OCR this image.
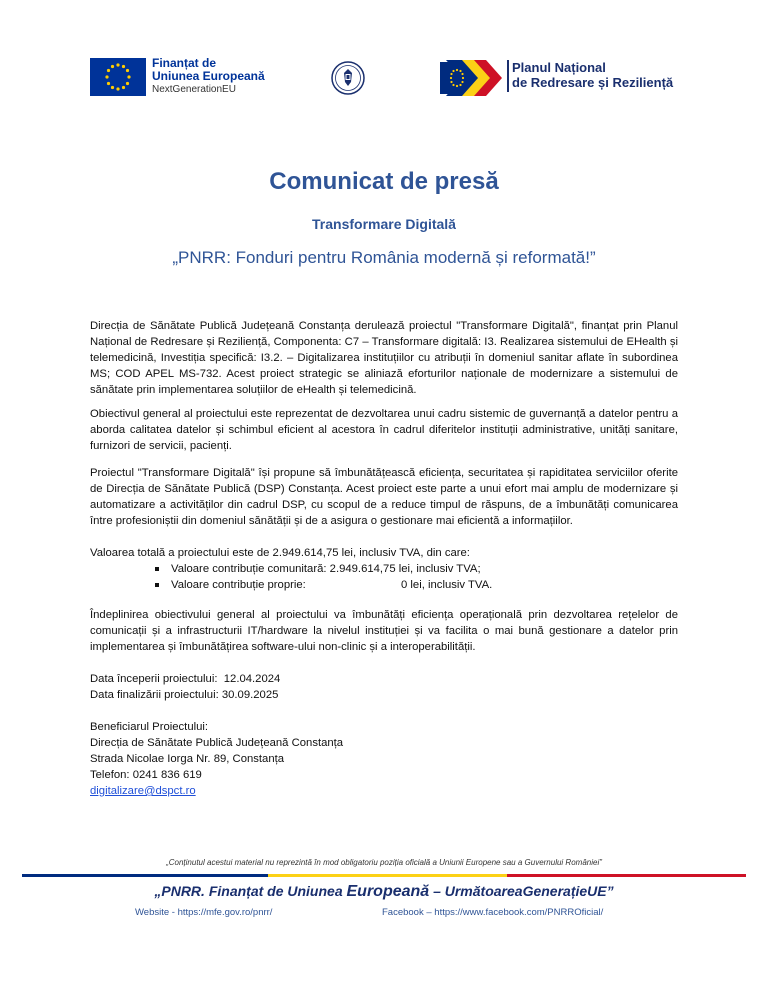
Finanțat de
Uniunea Europeană
NextGenerationEU
Planul Național
de Redresare și Reziliență
Comunicat de presă
Transformare Digitală
„PNRR: Fonduri pentru România modernă și reformată!”
Direcția de Sănătate Publică Județeană Constanța derulează proiectul "Transformare Digitală", finanțat prin Planul Național de Redresare și Reziliență, Componenta: C7 – Transformare digitală: I3. Realizarea sistemului de EHealth și telemedicină, Investiția specifică: I3.2. – Digitalizarea instituțiilor cu atribuții în domeniul sanitar aflate în subordinea MS; COD APEL MS-732. Acest proiect strategic se aliniază eforturilor naționale de modernizare a sistemului de sănătate prin implementarea soluțiilor de eHealth și telemedicină.
Obiectivul general al proiectului este reprezentat de dezvoltarea unui cadru sistemic de guvernanță a datelor pentru a aborda calitatea datelor și schimbul eficient al acestora în cadrul diferitelor instituții administrative, unități sanitare, furnizori de servicii, pacienți.
Proiectul "Transformare Digitală" își propune să îmbunătățească eficiența, securitatea și rapiditatea serviciilor oferite de Direcția de Sănătate Publică (DSP) Constanța. Acest proiect este parte a unui efort mai amplu de modernizare și automatizare a activităților din cadrul DSP, cu scopul de a reduce timpul de răspuns, de a îmbunătăți comunicarea între profesioniștii din domeniul sănătății și de a asigura o gestionare mai eficientă a informațiilor.
Valoarea totală a proiectului este de 2.949.614,75 lei, inclusiv TVA, din care:
Valoare contribuție comunitară: 2.949.614,75 lei, inclusiv TVA;
Valoare contribuție proprie:	0 lei, inclusiv TVA.
Îndeplinirea obiectivului general al proiectului va îmbunătăți eficiența operațională prin dezvoltarea rețelelor de comunicații și a infrastructurii IT/hardware la nivelul instituției și va facilita o mai bună gestionare a datelor prin implementarea și îmbunătățirea software-ului non-clinic și a interoperabilității.
Data începerii proiectului:  12.04.2024
Data finalizării proiectului: 30.09.2025
Beneficiarul Proiectului:
Direcția de Sănătate Publică Județeană Constanța
Strada Nicolae Iorga Nr. 89, Constanța
Telefon: 0241 836 619
digitalizare@dspct.ro
„Conținutul acestui material nu reprezintă în mod obligatoriu poziția oficială a Uniunii Europene sau a Guvernului României”
„PNRR. Finanțat de Uniunea Europeană – UrmătoareaGenerațieUE”
Website - https://mfe.gov.ro/pnrr/	Facebook – https://www.facebook.com/PNRROficial/
